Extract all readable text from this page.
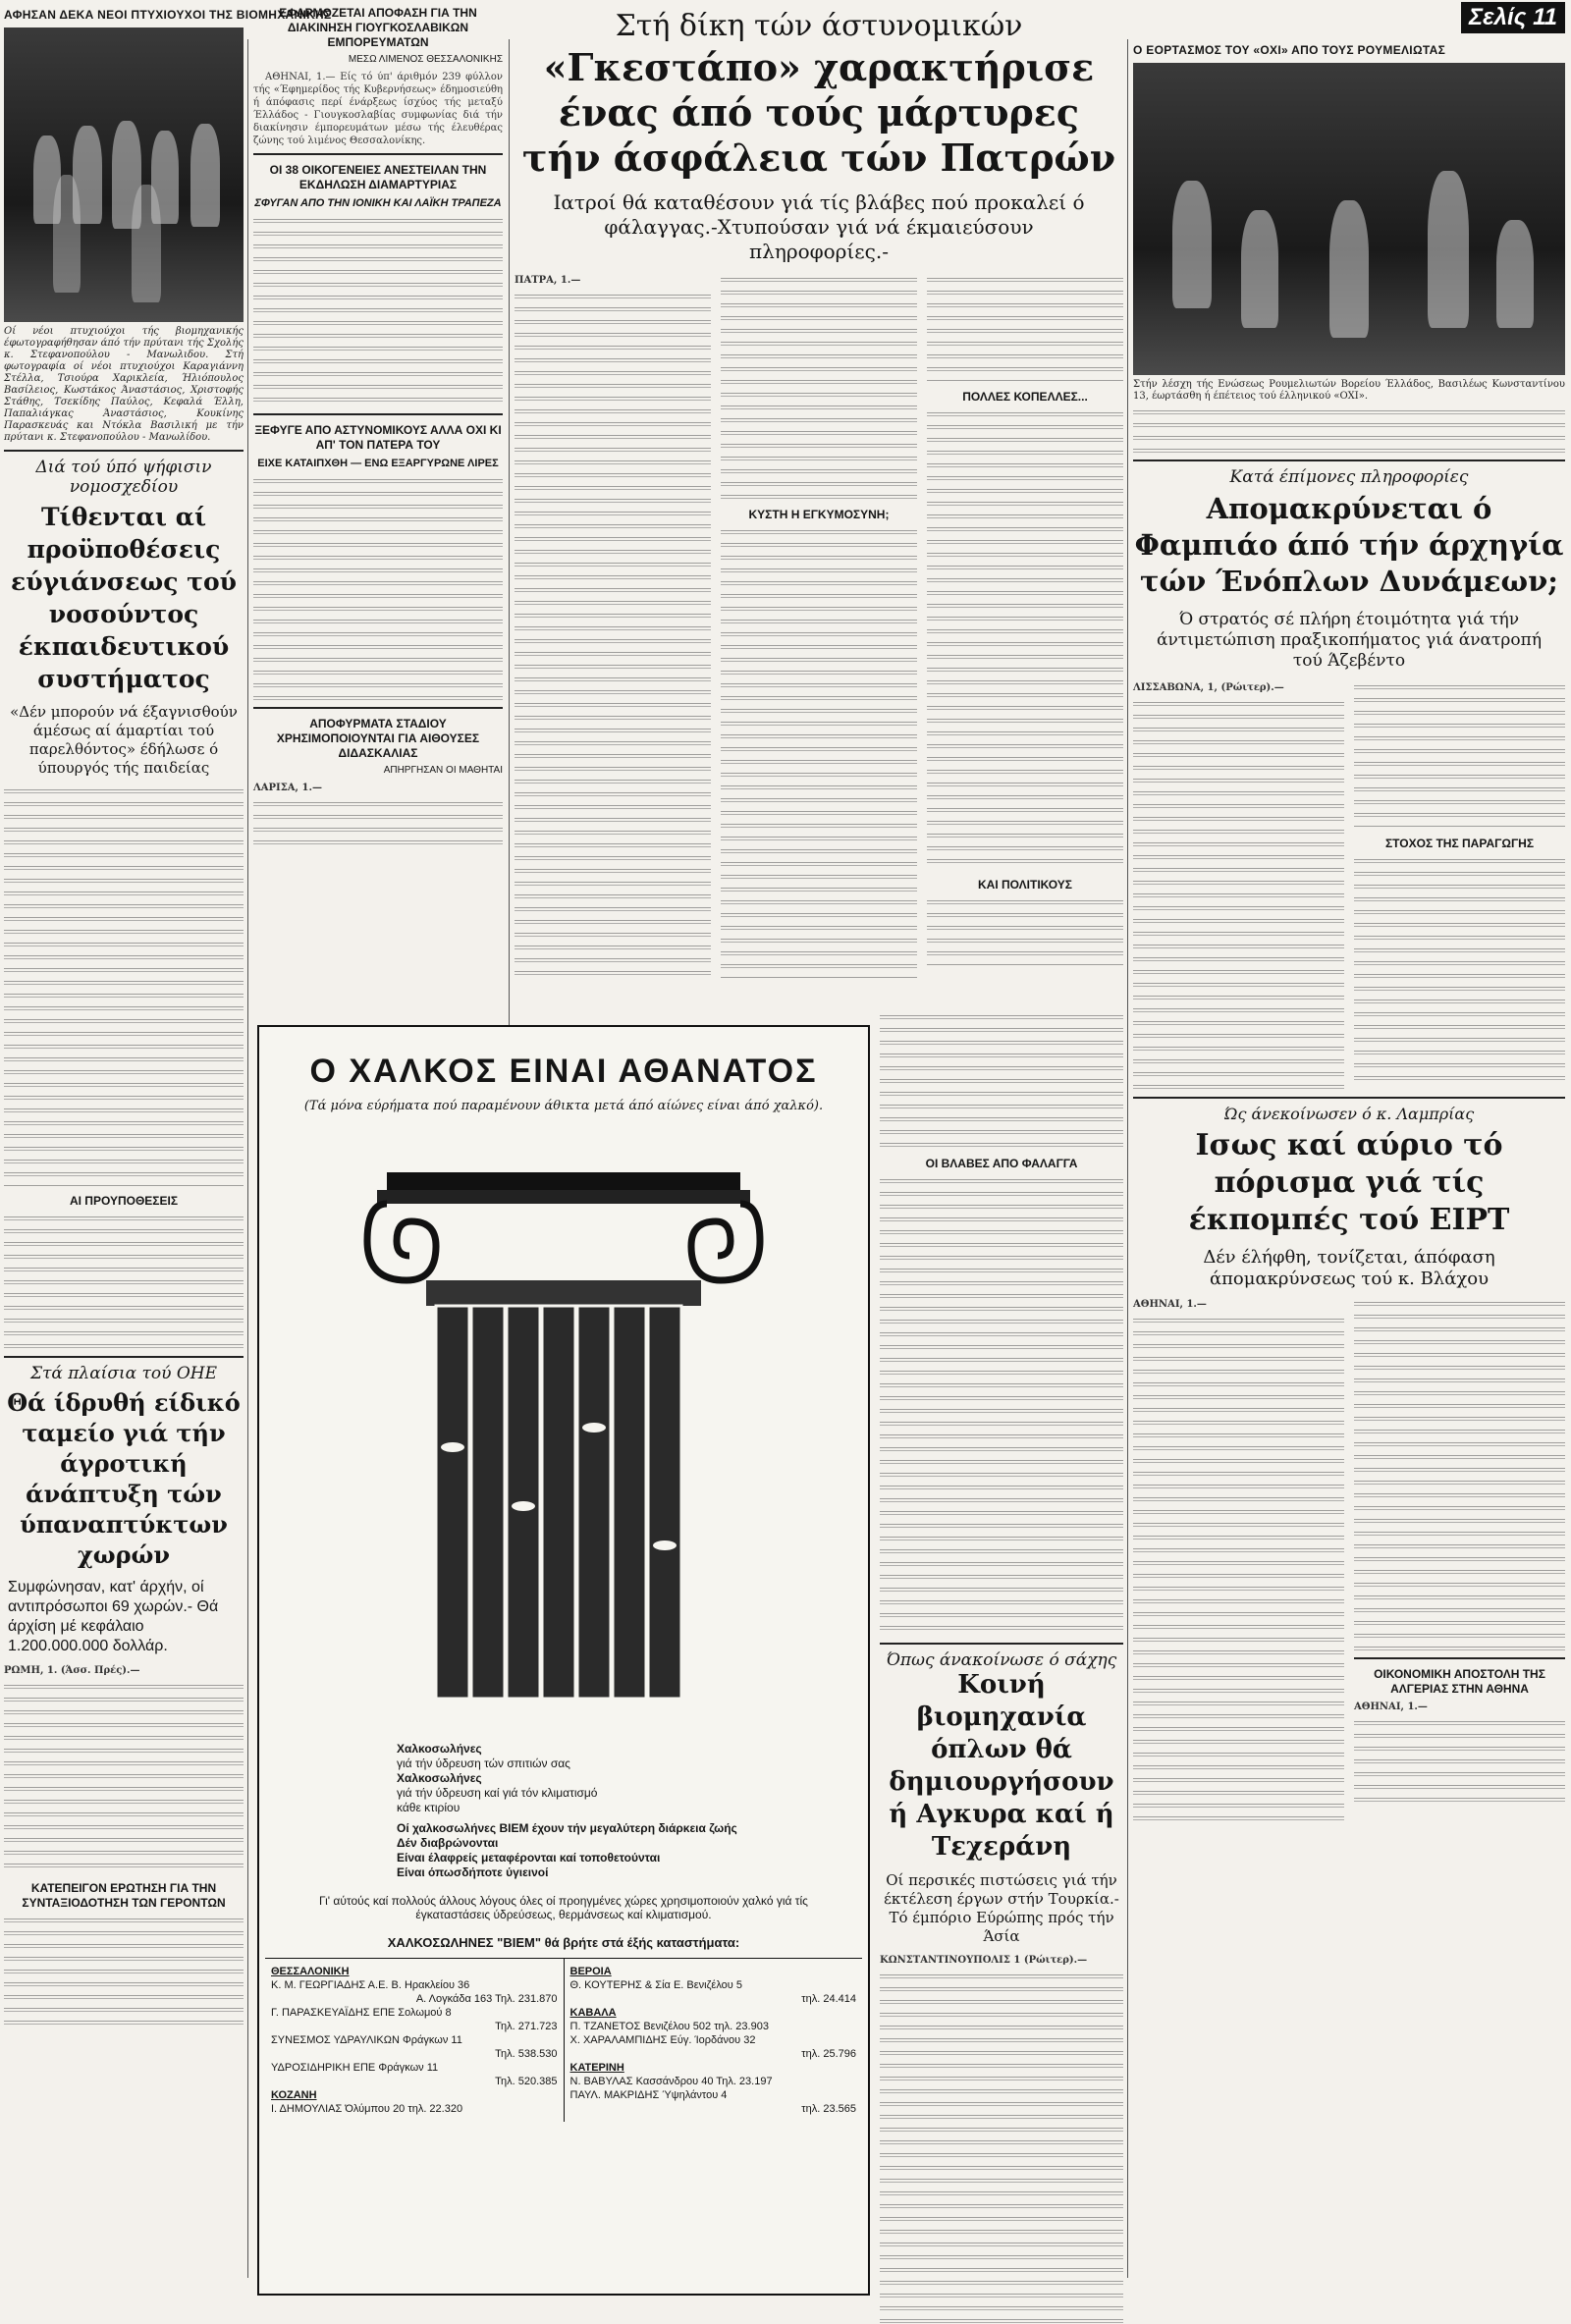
Σελίς 11
ΑΦΗΣΑΝ ΔΕΚΑ ΝΕΟΙ ΠΤΥΧΙΟΥΧΟΙ ΤΗΣ ΒΙΟΜΗΧΑΝΙΚΗΣ
Οί νέοι πτυχιούχοι τής βιομηχανικής έφωτογραφήθησαν άπό τήν πρύτανι τής Σχολής κ. Στεφανοπούλου - Μανωλιδου. Στή φωτογραφία οί νέοι πτυχιούχοι Καραγιάννη Στέλλα, Τσιούρα Χαρικλεία, Ήλιόπουλος Βασίλειος, Κωστάκος Άναστάσιος, Χριστοφής Στάθης, Τσεκίδης Παύλος, Κεφαλά Έλλη, Παπαλιάγκας Άναστάσιος, Κουκίνης Παρασκευάς και Ντόκλα Βασιλική με τήν πρύτανι κ. Στεφανοπούλου - Μανωλίδου.
Διά τού ύπό ψήφισιν νομοσχεδίου
Τίθενται αί προϋποθέσεις εύγιάνσεως τού νοσούντος έκπαιδευτικού συστήματος
«Δέν μπορούν νά έξαγνισθούν άμέσως αί άμαρτίαι τού παρελθόντος» έδήλωσε ό ύπουργός τής παιδείας
ΑΙ ΠΡΟΥΠΟΘΕΣΕΙΣ
Στά πλαίσια τού ΟΗΕ
Θά ίδρυθή είδικό ταμείο γιά τήν άγροτική άνάπτυξη τών ύπαναπτύκτων χωρών
Συμφώνησαν, κατ' άρχήν, οί αντιπρόσωποι 69 χωρών.- Θά άρχίση μέ κεφάλαιο 1.200.000.000 δολλάρ.
ΡΩΜΗ, 1. (Άσσ. Πρές).—
ΚΑΤΕΠΕΙΓΟΝ ΕΡΩΤΗΣΗ ΓΙΑ ΤΗΝ ΣΥΝΤΑΞΙΟΔΟΤΗΣΗ ΤΩΝ ΓΕΡΟΝΤΩΝ
ΕΦΑΡΜΟΖΕΤΑΙ ΑΠΟΦΑΣΗ ΓΙΑ ΤΗΝ ΔΙΑΚΙΝΗΣΗ ΓΙΟΥΓΚΟΣΛΑΒΙΚΩΝ ΕΜΠΟΡΕΥΜΑΤΩΝ
ΜΕΣΩ ΛΙΜΕΝΟΣ ΘΕΣΣΑΛΟΝΙΚΗΣ
ΑΘΗΝΑΙ, 1.— Είς τό ύπ' άριθμόν 239 φύλλον τής «Έφημερίδος τής Κυβερνήσεως» έδημοσιεύθη ή άπόφασις περί ένάρξεως ίσχύος τής μεταξύ Έλλάδος - Γιουγκοσλαβίας συμφωνίας διά τήν διακίνησιν έμπορευμάτων μέσω τής έλευθέρας ζώνης τού λιμένος Θεσσαλονίκης.
ΟΙ 38 ΟΙΚΟΓΕΝΕΙΕΣ ΑΝΕΣΤΕΙΛΑΝ ΤΗΝ ΕΚΔΗΛΩΣΗ ΔΙΑΜΑΡΤΥΡΙΑΣ
ΣΦΥΓΑΝ ΑΠΟ ΤΗΝ ΙΟΝΙΚΗ ΚΑΙ ΛΑΪΚΗ ΤΡΑΠΕΖΑ
ΞΕΦΥΓΕ ΑΠΟ ΑΣΤΥΝΟΜΙΚΟΥΣ ΑΛΛΑ ΟΧΙ ΚΙ ΑΠ' ΤΟΝ ΠΑΤΕΡΑ ΤΟΥ
ΕΙΧΕ ΚΑΤΑΙΠΧΘΗ — ΕΝΩ ΕΞΑΡΓΥΡΩΝΕ ΛΙΡΕΣ
ΑΠΟΦΥΡΜΑΤΑ ΣΤΑΔΙΟΥ ΧΡΗΣΙΜΟΠΟΙΟΥΝΤΑΙ ΓΙΑ ΑΙΘΟΥΣΕΣ ΔΙΔΑΣΚΑΛΙΑΣ
ΑΠΗΡΓΗΣΑΝ ΟΙ ΜΑΘΗΤΑΙ
ΛΑΡΙΣΑ, 1.—
Στή δίκη τών άστυνομικών
«Γκεστάπο» χαρακτήρισε
ένας άπό τούς μάρτυρες
τήν άσφάλεια τών Πατρών
Ιατροί θά καταθέσουν γιά τίς βλάβες πού προκαλεί ό φάλαγγας.-Χτυπούσαν γιά νά έκμαιεύσουν πληροφορίες.-
ΠΑΤΡΑ, 1.—
ΚΥΣΤΗ Η ΕΓΚΥΜΟΣΥΝΗ;
ΠΟΛΛΕΣ ΚΟΠΕΛΛΕΣ...
ΚΑΙ ΠΟΛΙΤΙΚΟΥΣ
Ο ΧΑΛΚΟΣ ΕΙΝΑΙ ΑΘΑΝΑΤΟΣ
(Τά μόνα εύρήματα πού παραμένουν άθικτα μετά άπό αίώνες είναι άπό χαλκό).
Χαλκοσωλήνες
γιά τήν ύδρευση τών σπιτιών σας
Χαλκοσωλήνες
γιά τήν ύδρευση καί γιά τόν κλιματισμό
κάθε κτιρίου
Οί χαλκοσωλήνες ΒΙΕΜ έχουν τήν μεγαλύτερη διάρκεια ζωής
Δέν διαβρώνονται
Είναι έλαφρείς μεταφέρονται καί τοποθετούνται
Είναι όπωσδήποτε ύγιεινοί
Γι' αύτούς καί πολλούς άλλους λόγους όλες οί προηγμένες χώρες χρησιμοποιούν χαλκό γιά τίς έγκαταστάσεις ύδρεύσεως, θερμάνσεως καί κλιματισμού.
ΧΑΛΚΟΣΩΛΗΝΕΣ "ΒΙΕΜ" θά βρήτε στά έξής καταστήματα:
ΘΕΣΣΑΛΟΝΙΚΗ
Κ. Μ. ΓΕΩΡΓΙΑΔΗΣ Α.Ε. Β. Ηρακλείου 36
Α. Λογκάδα 163 Τηλ. 231.870
Γ. ΠΑΡΑΣΚΕΥΑΪΔΗΣ ΕΠΕ Σολωμού 8
Τηλ. 271.723
ΣΥΝΕΣΜΟΣ ΥΔΡΑΥΛΙΚΩΝ Φράγκων 11
Τηλ. 538.530
ΥΔΡΟΣΙΔΗΡΙΚΗ ΕΠΕ Φράγκων 11
Τηλ. 520.385
ΚΟΖΑΝΗ
Ι. ΔΗΜΟΥΛΙΑΣ Όλύμπου 20 τηλ. 22.320
ΒΕΡΟΙΑ
Θ. ΚΟΥΤΕΡΗΣ & Σία Ε. Βενιζέλου 5
τηλ. 24.414
ΚΑΒΑΛΑ
Π. ΤΖΑΝΕΤΟΣ Βενιζέλου 502 τηλ. 23.903
Χ. ΧΑΡΑΛΑΜΠΙΔΗΣ Εύγ. Ίορδάνου 32
τηλ. 25.796
ΚΑΤΕΡΙΝΗ
Ν. ΒΑΒΥΛΑΣ Κασσάνδρου 40 Τηλ. 23.197
ΠΑΥΛ. ΜΑΚΡΙΔΗΣ Ύψηλάντου 4
τηλ. 23.565
ΟΙ ΒΛΑΒΕΣ ΑΠΟ ΦΑΛΑΓΓΑ
Όπως άνακοίνωσε ό σάχης
Κοινή βιομηχανία όπλων θά δημιουργήσουν ή Αγκυρα καί ή Τεχεράνη
Οί περσικές πιστώσεις γιά τήν έκτέλεση έργων στήν Τουρκία.- Τό έμπόριο Εύρώπης πρός τήν Άσία
ΚΩΝΣΤΑΝΤΙΝΟΥΠΟΛΙΣ 1 (Ρώιτερ).—
Ο ΕΟΡΤΑΣΜΟΣ ΤΟΥ «ΟΧΙ» ΑΠΟ ΤΟΥΣ ΡΟΥΜΕΛΙΩΤΑΣ
Στήν λέσχη τής Ενώσεως Ρουμελιωτών Βορείου Έλλάδος, Βασιλέως Κωνσταντίνου 13, έωρτάσθη ή έπέτειος τού έλληνικού «ΟΧΙ».
Κατά έπίμονες πληροφορίες
Απομακρύνεται ό Φαμπιάο άπό τήν άρχηγία τών Ένόπλων Δυνάμεων;
Ό στρατός σέ πλήρη έτοιμότητα γιά τήν άντιμετώπιση πραξικοπήματος γιά άνατροπή τού Άζεβέντο
ΛΙΣΣΑΒΩΝΑ, 1, (Ρώιτερ).—
ΣΤΟΧΟΣ ΤΗΣ ΠΑΡΑΓΩΓΗΣ
Ώς άνεκοίνωσεν ό κ. Λαμπρίας
Ισως καί αύριο τό πόρισμα γιά τίς έκπομπές τού ΕΙΡΤ
Δέν έλήφθη, τονίζεται, άπόφαση άπομακρύνσεως τού κ. Βλάχου
ΑΘΗΝΑΙ, 1.—
ΟΙΚΟΝΟΜΙΚΗ ΑΠΟΣΤΟΛΗ ΤΗΣ ΑΛΓΕΡΙΑΣ ΣΤΗΝ ΑΘΗΝΑ
ΑΘΗΝΑΙ, 1.—
